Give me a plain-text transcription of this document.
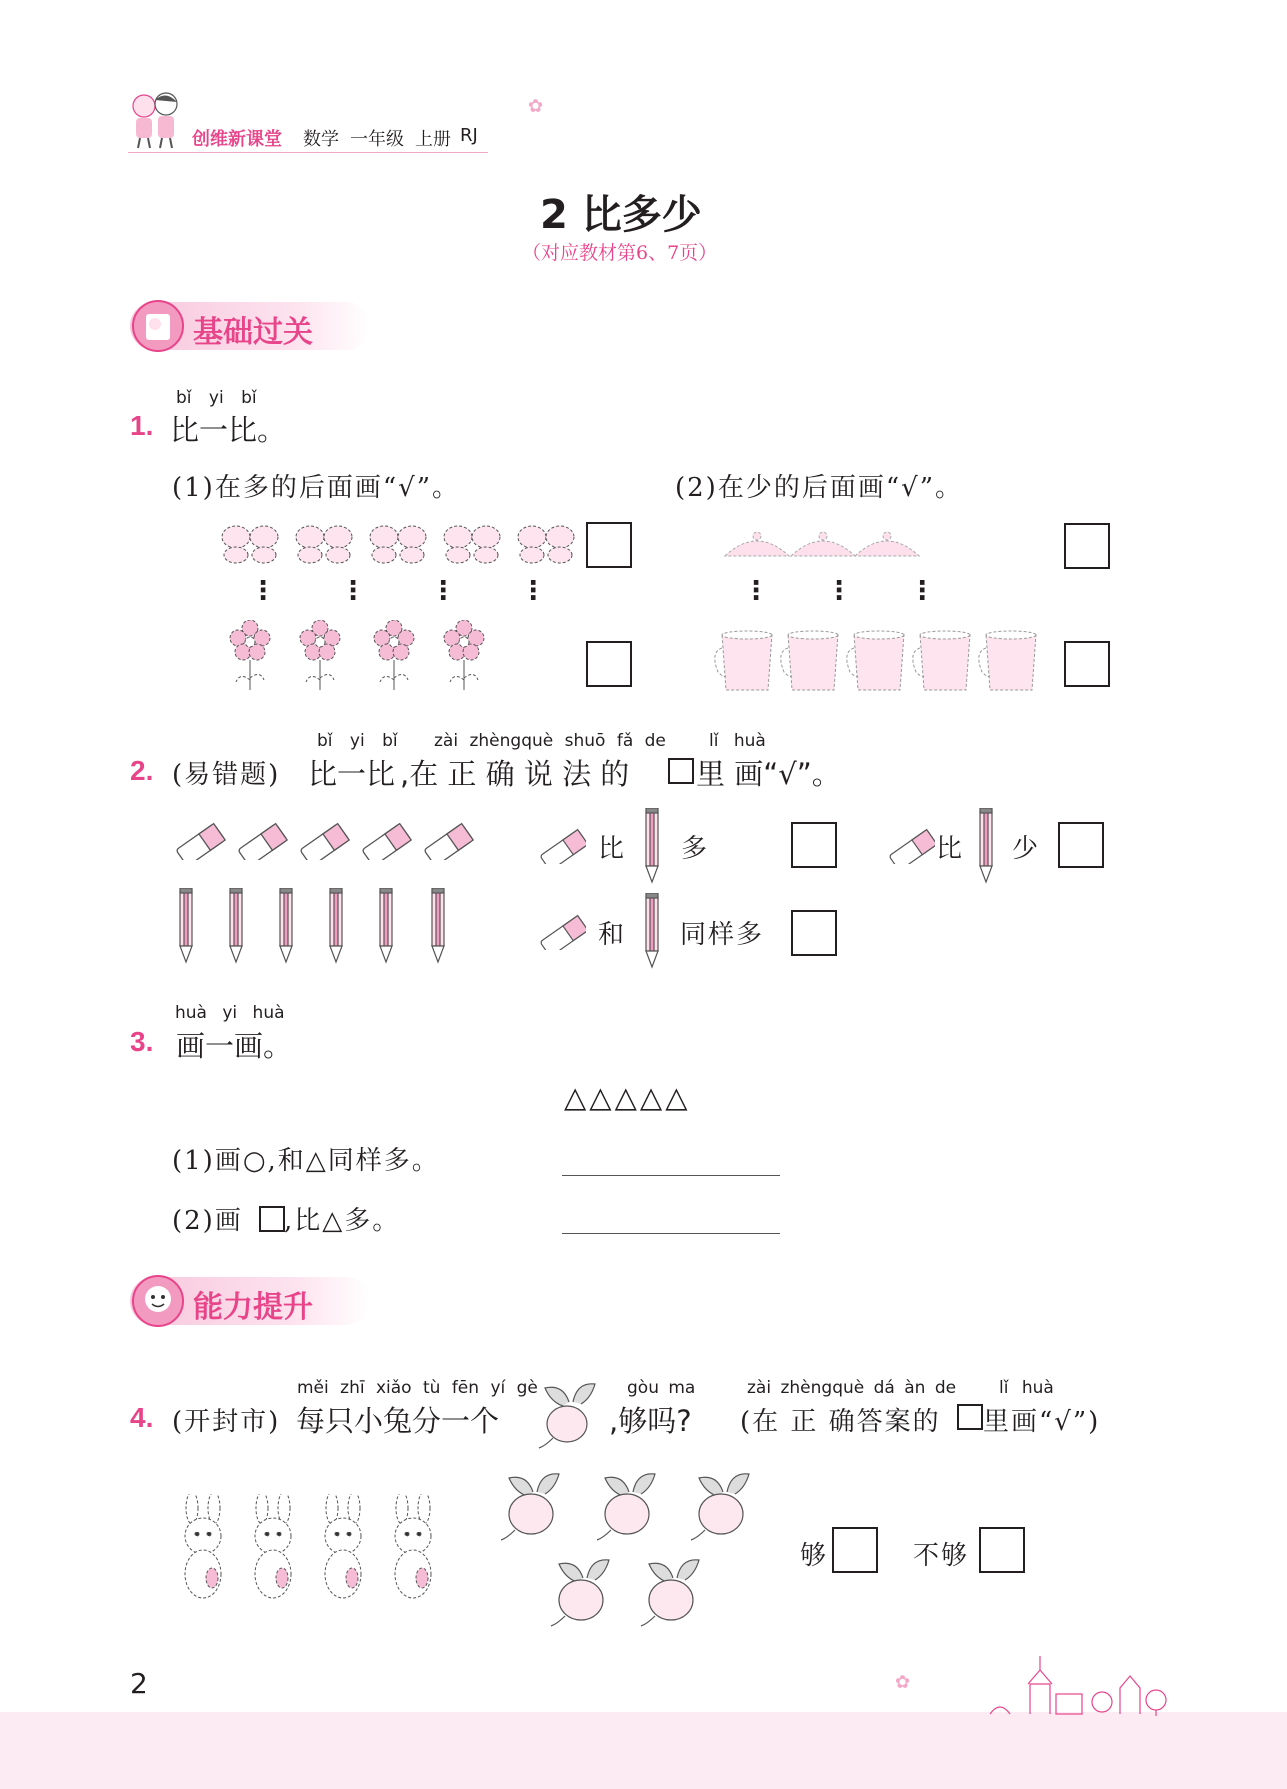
创维新课堂 数学 一年级 上册 RJ
✿
2 比多少
（对应教材第6、7页）
基础过关
bǐ yi bǐ
1. 比一比。
(1)在多的后面画“√”。	(2)在少的后面画“√”。
⋮ ⋮ ⋮ ⋮	⋮ ⋮ ⋮
bǐ yi bǐ zài zhèngquè shuō fǎ de	lǐ huà
2. (易错题) 比一比 ,在 正 确 说 法 的 里 画“√”。
比 多	比 少
和 同样多
huà yi huà
3. 画一画。
△△△△△
(1)画○,和△同样多。
(2)画 ,比△多。
能力提升
měi zhī xiǎo tù fēn yí gè	gòu ma	zài zhèngquè dá àn de	lǐ huà
4. (开封市) 每只小兔分一个	,够吗? (在 正 确答案的 里画“√”)
够	不够
2	✿
